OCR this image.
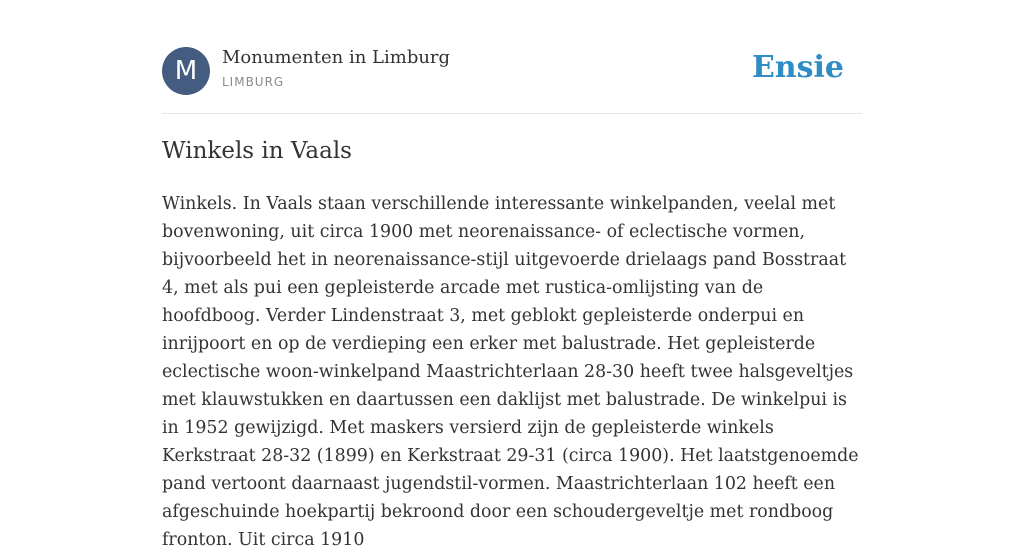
M	Monumenten in Limburg
LIMBURG	Ensie
Winkels in Vaals

Winkels. In Vaals staan verschillende interessante winkelpanden, veelal met bovenwoning, uit circa 1900 met neorenaissance- of eclectische vormen, bijvoorbeeld het in neorenaissance-stijl uitgevoerde drielaags pand Bosstraat 4, met als pui een gepleisterde arcade met rustica-omlijsting van de hoofdboog. Verder Lindenstraat 3, met geblokt gepleisterde onderpui en inrijpoort en op de verdieping een erker met balustrade. Het gepleisterde eclectische woon-winkelpand Maastrichterlaan 28-30 heeft twee halsgeveltjes met klauwstukken en daartussen een daklijst met balustrade. De winkelpui is in 1952 gewijzigd. Met maskers versierd zijn de gepleisterde winkels Kerkstraat 28-32 (1899) en Kerkstraat 29-31 (circa 1900). Het laatstgenoemde pand vertoont daarnaast jugendstil-vormen. Maastrichterlaan 102 heeft een afgeschuinde hoekpartij bekroond door een schoudergeveltje met rondboog fronton. Uit circa 1910
